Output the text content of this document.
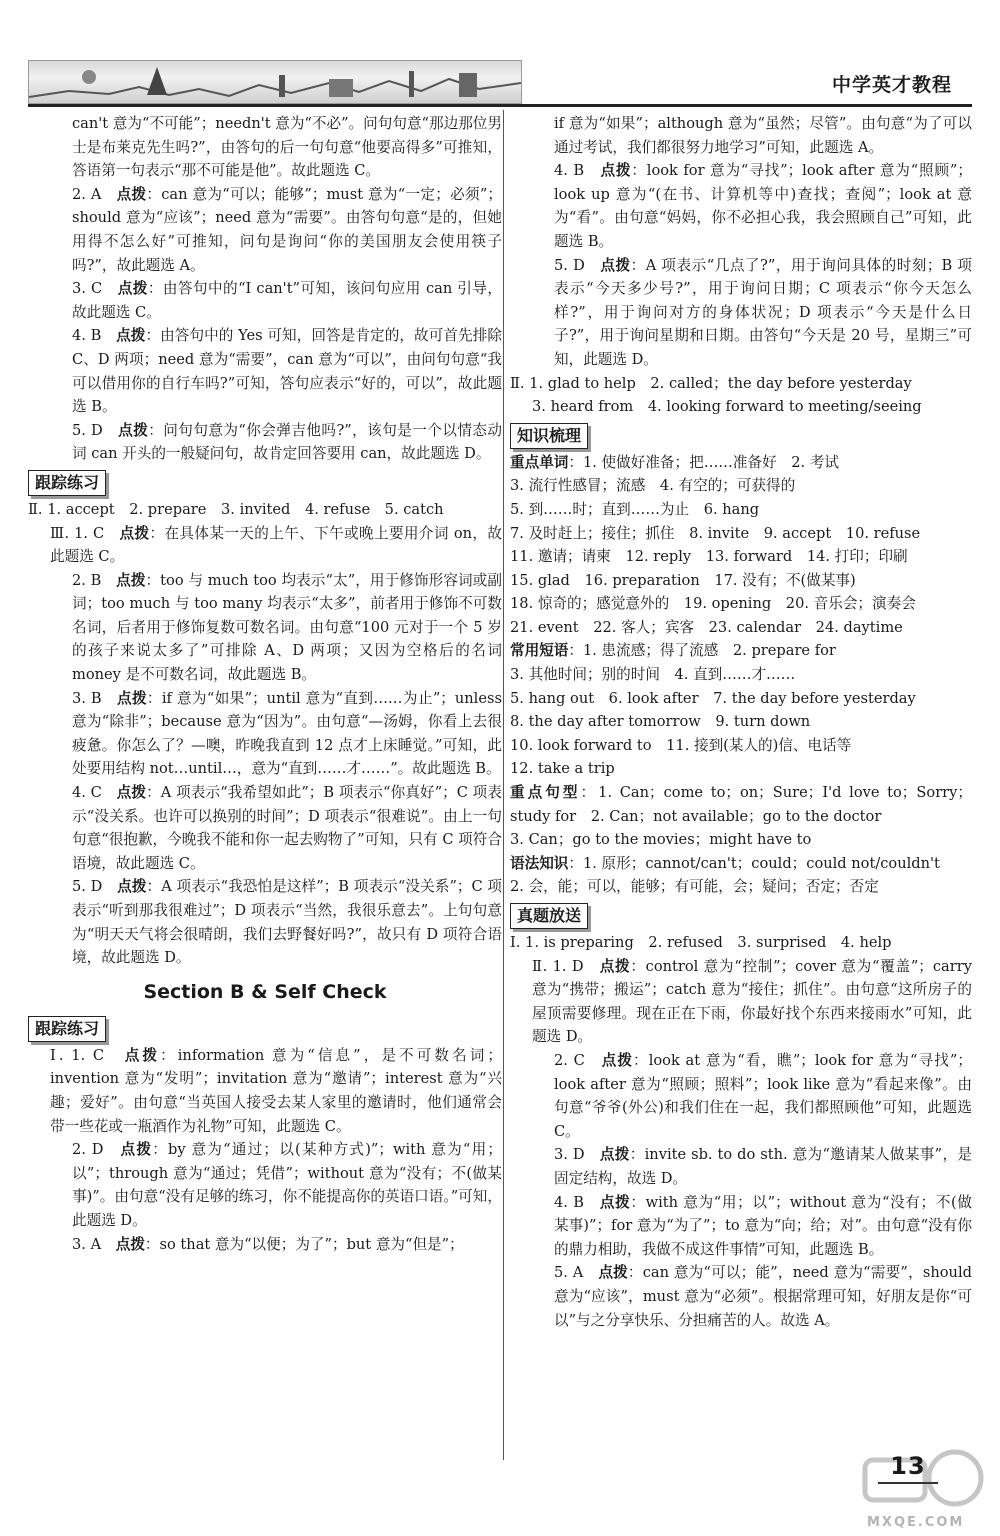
中学英才教程

can't 意为“不可能”；needn't 意为“不必”。问句句意“那边那位男士是布莱克先生吗?”，由答句的后一句句意“他要高得多”可推知，答语第一句表示“那不可能是他”。故此题选 C。

2. A　 点拨：can 意为“可以；能够”；must 意为“一定；必须”；should 意为“应该”；need 意为“需要”。由答句句意“是的，但她用得不怎么好”可推知，问句是询问“你的美国朋友会使用筷子吗?”，故此题选 A。

3. C　 点拨：由答句中的“I can't”可知，该问句应用 can 引导，故此题选 C。

4. B　 点拨：由答句中的 Yes 可知，回答是肯定的，故可首先排除 C、D 两项；need 意为“需要”，can 意为“可以”，由问句句意“我可以借用你的自行车吗?”可知，答句应表示“好的，可以”，故此题选 B。

5. D　 点拨：问句句意为“你会弹吉他吗?”，该句是一个以情态动词 can 开头的一般疑问句，故肯定回答要用 can，故此题选 D。

跟踪练习

Ⅱ. 1. accept　2. prepare　3. invited　4. refuse　5. catch

Ⅲ. 1. C　 点拨：在具体某一天的上午、下午或晚上要用介词 on，故此题选 C。

2. B　 点拨：too 与 much too 均表示“太”，用于修饰形容词或副词；too much 与 too many 均表示“太多”，前者用于修饰不可数名词，后者用于修饰复数可数名词。由句意“100 元对于一个 5 岁的孩子来说太多了”可排除 A、D 两项；又因为空格后的名词 money 是不可数名词，故此题选 B。

3. B　 点拨：if 意为“如果”；until 意为“直到……为止”；unless 意为“除非”；because 意为“因为”。由句意“—汤姆，你看上去很疲惫。你怎么了？—噢，昨晚我直到 12 点才上床睡觉。”可知，此处要用结构 not…until…，意为“直到……才……”。故此题选 B。

4. C　 点拨：A 项表示“我希望如此”；B 项表示“你真好”；C 项表示“没关系。也许可以换别的时间”；D 项表示“很难说”。由上一句句意“很抱歉，今晚我不能和你一起去购物了”可知，只有 C 项符合语境，故此题选 C。

5. D　 点拨：A 项表示“我恐怕是这样”；B 项表示“没关系”；C 项表示“听到那我很难过”；D 项表示“当然，我很乐意去”。上句句意为“明天天气将会很晴朗，我们去野餐好吗?”，故只有 D 项符合语境，故此题选 D。

Section B & Self Check
跟踪练习

Ⅰ. 1. C　 点拨：information 意为“信息”，是不可数名词；invention 意为“发明”；invitation 意为“邀请”；interest 意为“兴趣；爱好”。由句意“当英国人接受去某人家里的邀请时，他们通常会带一些花或一瓶酒作为礼物”可知，此题选 C。

2. D　 点拨：by 意为“通过；以(某种方式)”；with 意为“用；以”；through 意为“通过；凭借”；without 意为“没有；不(做某事)”。由句意“没有足够的练习，你不能提高你的英语口语。”可知，此题选 D。

3. A　 点拨：so that 意为“以便；为了”；but 意为“但是”；

if 意为“如果”；although 意为“虽然；尽管”。由句意“为了可以通过考试，我们都很努力地学习”可知，此题选 A。

4. B　 点拨：look for 意为“寻找”；look after 意为“照顾”；look up 意为“(在书、计算机等中)查找；查阅”；look at 意为“看”。由句意“妈妈，你不必担心我，我会照顾自己”可知，此题选 B。

5. D　 点拨：A 项表示“几点了?”，用于询问具体的时刻；B 项表示“今天多少号?”，用于询问日期；C 项表示“你今天怎么样?”，用于询问对方的身体状况；D 项表示“今天是什么日子?”，用于询问星期和日期。由答句“今天是 20 号，星期三”可知，此题选 D。

Ⅱ. 1. glad to help　2. called；the day before yesterday

3. heard from　4. looking forward to meeting/seeing

知识梳理

重点单词：1. 使做好准备；把……准备好　2. 考试

3. 流行性感冒；流感　4. 有空的；可获得的

5. 到……时；直到……为止　6. hang

7. 及时赶上；接住；抓住　8. invite　9. accept　10. refuse

11. 邀请；请柬　12. reply　13. forward　14. 打印；印刷

15. glad　16. preparation　17. 没有；不(做某事)

18. 惊奇的；感觉意外的　19. opening　20. 音乐会；演奏会

21. event　22. 客人；宾客　23. calendar　24. daytime

常用短语：1. 患流感；得了流感　2. prepare for

3. 其他时间；别的时间　4. 直到……才……

5. hang out　6. look after　7. the day before yesterday

8. the day after tomorrow　9. turn down

10. look forward to　11. 接到(某人的)信、电话等

12. take a trip

重点句型：1. Can；come to；on；Sure；I'd love to；Sorry；study for　2. Can；not available；go to the doctor

3. Can；go to the movies；might have to

语法知识：1. 原形；cannot/can't；could；could not/couldn't

2. 会，能；可以，能够；有可能，会；疑问；否定；否定

真题放送

Ⅰ. 1. is preparing　2. refused　3. surprised　4. help

Ⅱ. 1. D　 点拨：control 意为“控制”；cover 意为“覆盖”；carry 意为“携带；搬运”；catch 意为“接住；抓住”。由句意“这所房子的屋顶需要修理。现在正在下雨，你最好找个东西来接雨水”可知，此题选 D。

2. C　 点拨：look at 意为“看，瞧”；look for 意为“寻找”；look after 意为“照顾；照料”；look like 意为“看起来像”。由句意“爷爷(外公)和我们住在一起，我们都照顾他”可知，此题选 C。

3. D　 点拨：invite sb. to do sth. 意为“邀请某人做某事”，是固定结构，故选 D。

4. B　 点拨：with 意为“用；以”；without 意为“没有；不(做某事)”；for 意为“为了”；to 意为“向；给；对”。由句意“没有你的鼎力相助，我做不成这件事情”可知，此题选 B。

5. A　 点拨：can 意为“可以；能”，need 意为“需要”，should 意为“应该”，must 意为“必须”。根据常理可知，好朋友是你“可以”与之分享快乐、分担痛苦的人。故选 A。

MXQE.COM
13
